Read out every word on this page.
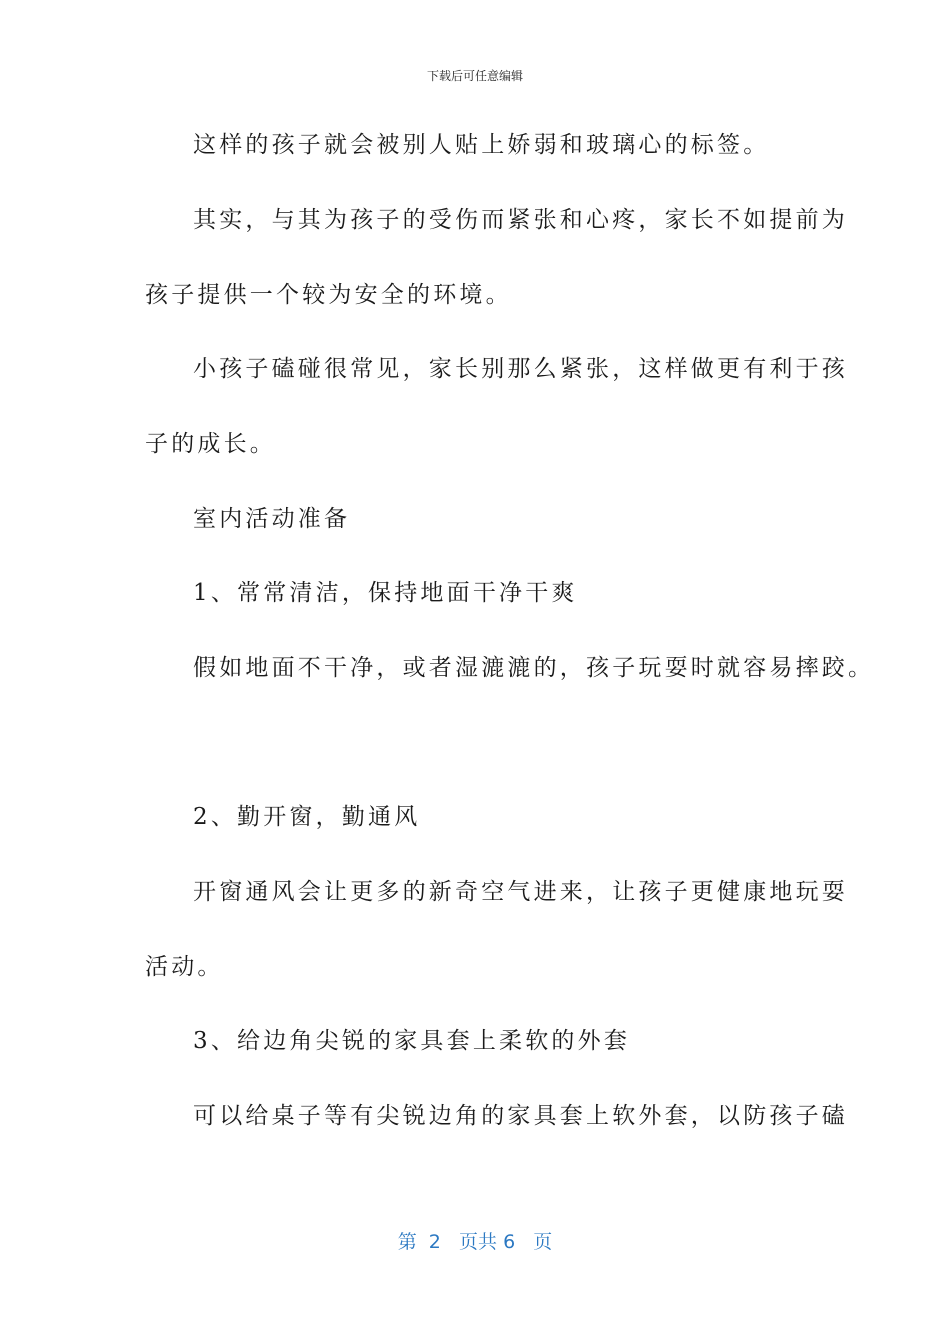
下载后可任意编辑
这样的孩子就会被别人贴上娇弱和玻璃心的标签。
其实，与其为孩子的受伤而紧张和心疼，家长不如提前为
孩子提供一个较为安全的环境。
小孩子磕碰很常见，家长别那么紧张，这样做更有利于孩
子的成长。
室内活动准备
1、常常清洁，保持地面干净干爽
假如地面不干净，或者湿漉漉的，孩子玩耍时就容易摔跤。
2、勤开窗，勤通风
开窗通风会让更多的新奇空气进来，让孩子更健康地玩耍
活动。
3、给边角尖锐的家具套上柔软的外套
可以给桌子等有尖锐边角的家具套上软外套，以防孩子磕
第 2 页共 6 页
